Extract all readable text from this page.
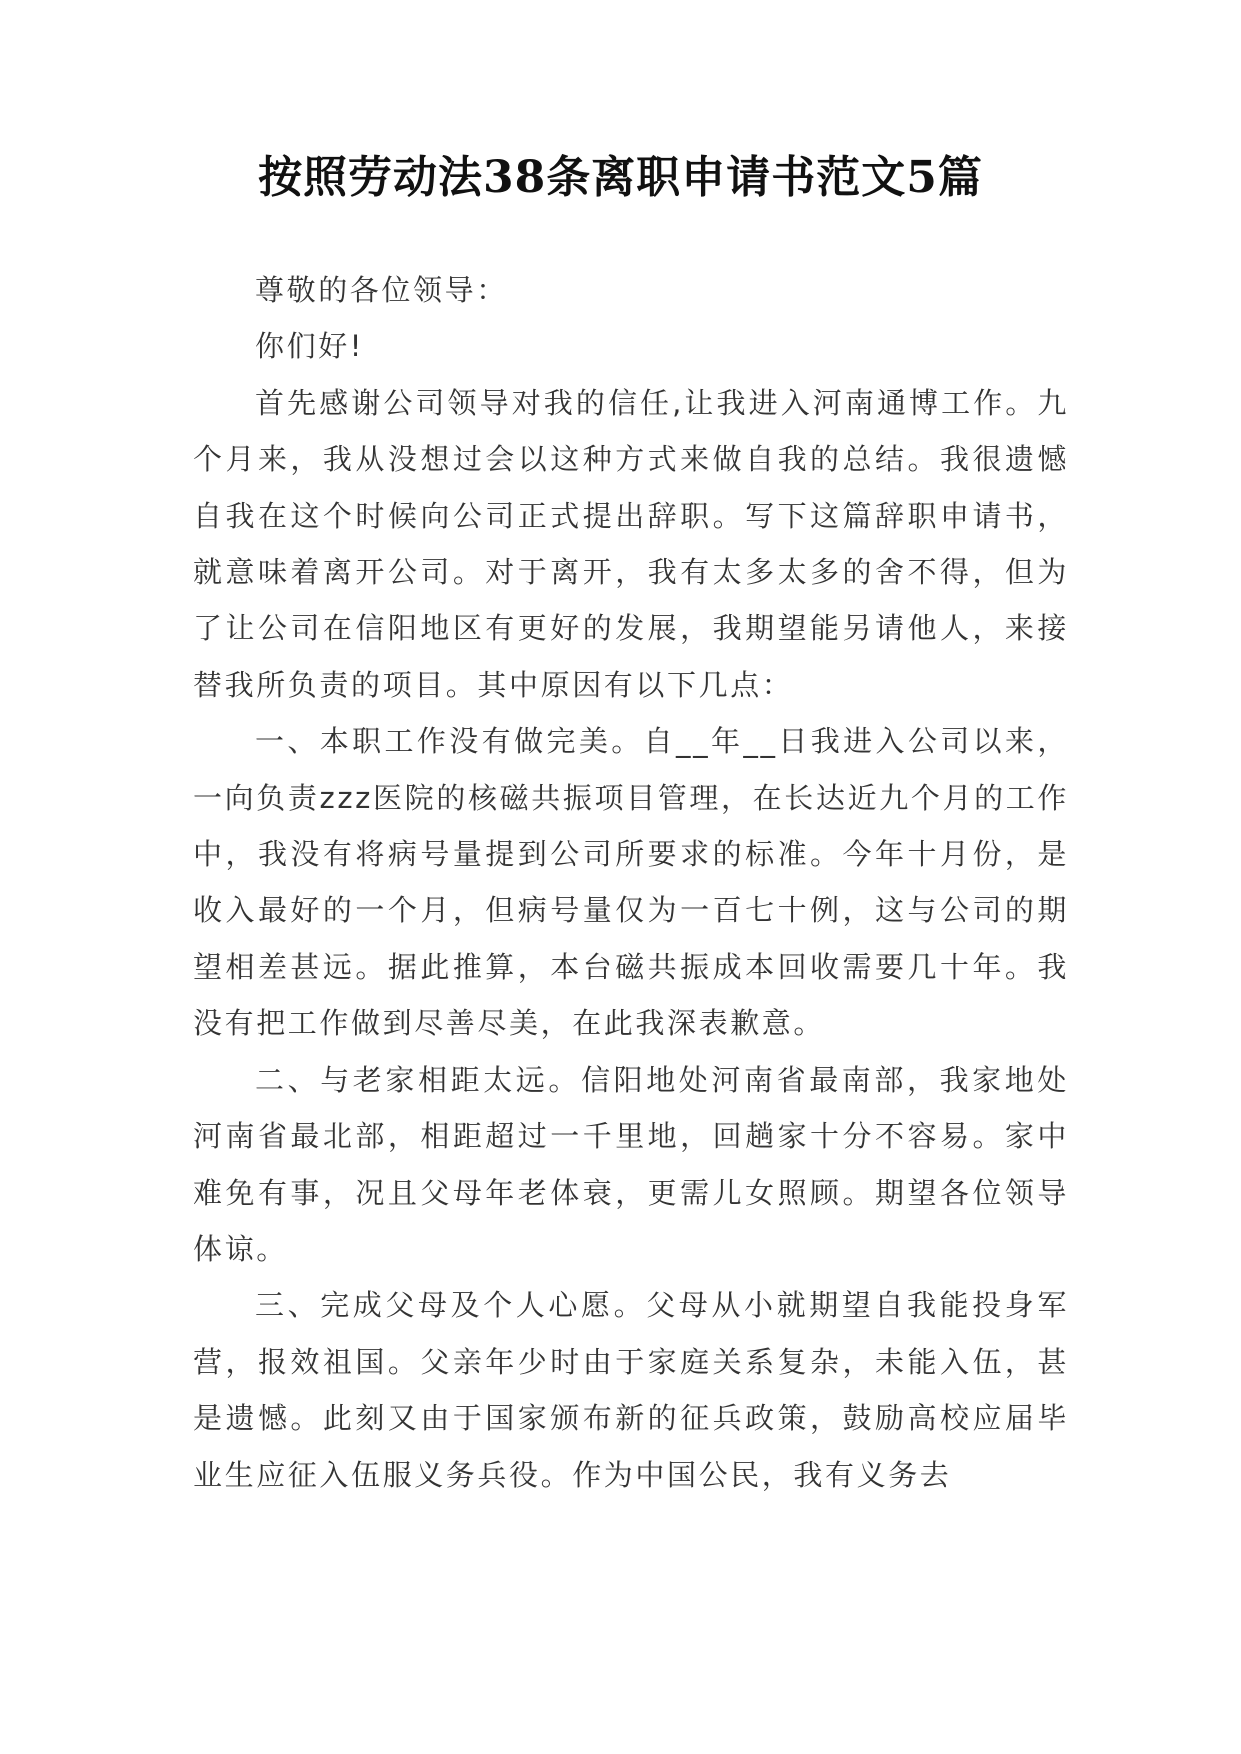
按照劳动法38条离职申请书范文5篇

尊敬的各位领导：

你们好!

首先感谢公司领导对我的信任,让我进入河南通博工作。九个月来，我从没想过会以这种方式来做自我的总结。我很遗憾自我在这个时候向公司正式提出辞职。写下这篇辞职申请书，就意味着离开公司。对于离开，我有太多太多的舍不得，但为了让公司在信阳地区有更好的发展，我期望能另请他人，来接替我所负责的项目。其中原因有以下几点：

一、本职工作没有做完美。自__年__日我进入公司以来，一向负责zzz医院的核磁共振项目管理，在长达近九个月的工作中，我没有将病号量提到公司所要求的标准。今年十月份，是收入最好的一个月，但病号量仅为一百七十例，这与公司的期望相差甚远。据此推算，本台磁共振成本回收需要几十年。我没有把工作做到尽善尽美，在此我深表歉意。

二、与老家相距太远。信阳地处河南省最南部，我家地处河南省最北部，相距超过一千里地，回趟家十分不容易。家中难免有事，况且父母年老体衰，更需儿女照顾。期望各位领导体谅。

三、完成父母及个人心愿。父母从小就期望自我能投身军营，报效祖国。父亲年少时由于家庭关系复杂，未能入伍，甚是遗憾。此刻又由于国家颁布新的征兵政策，鼓励高校应届毕业生应征入伍服义务兵役。作为中国公民，我有义务去
